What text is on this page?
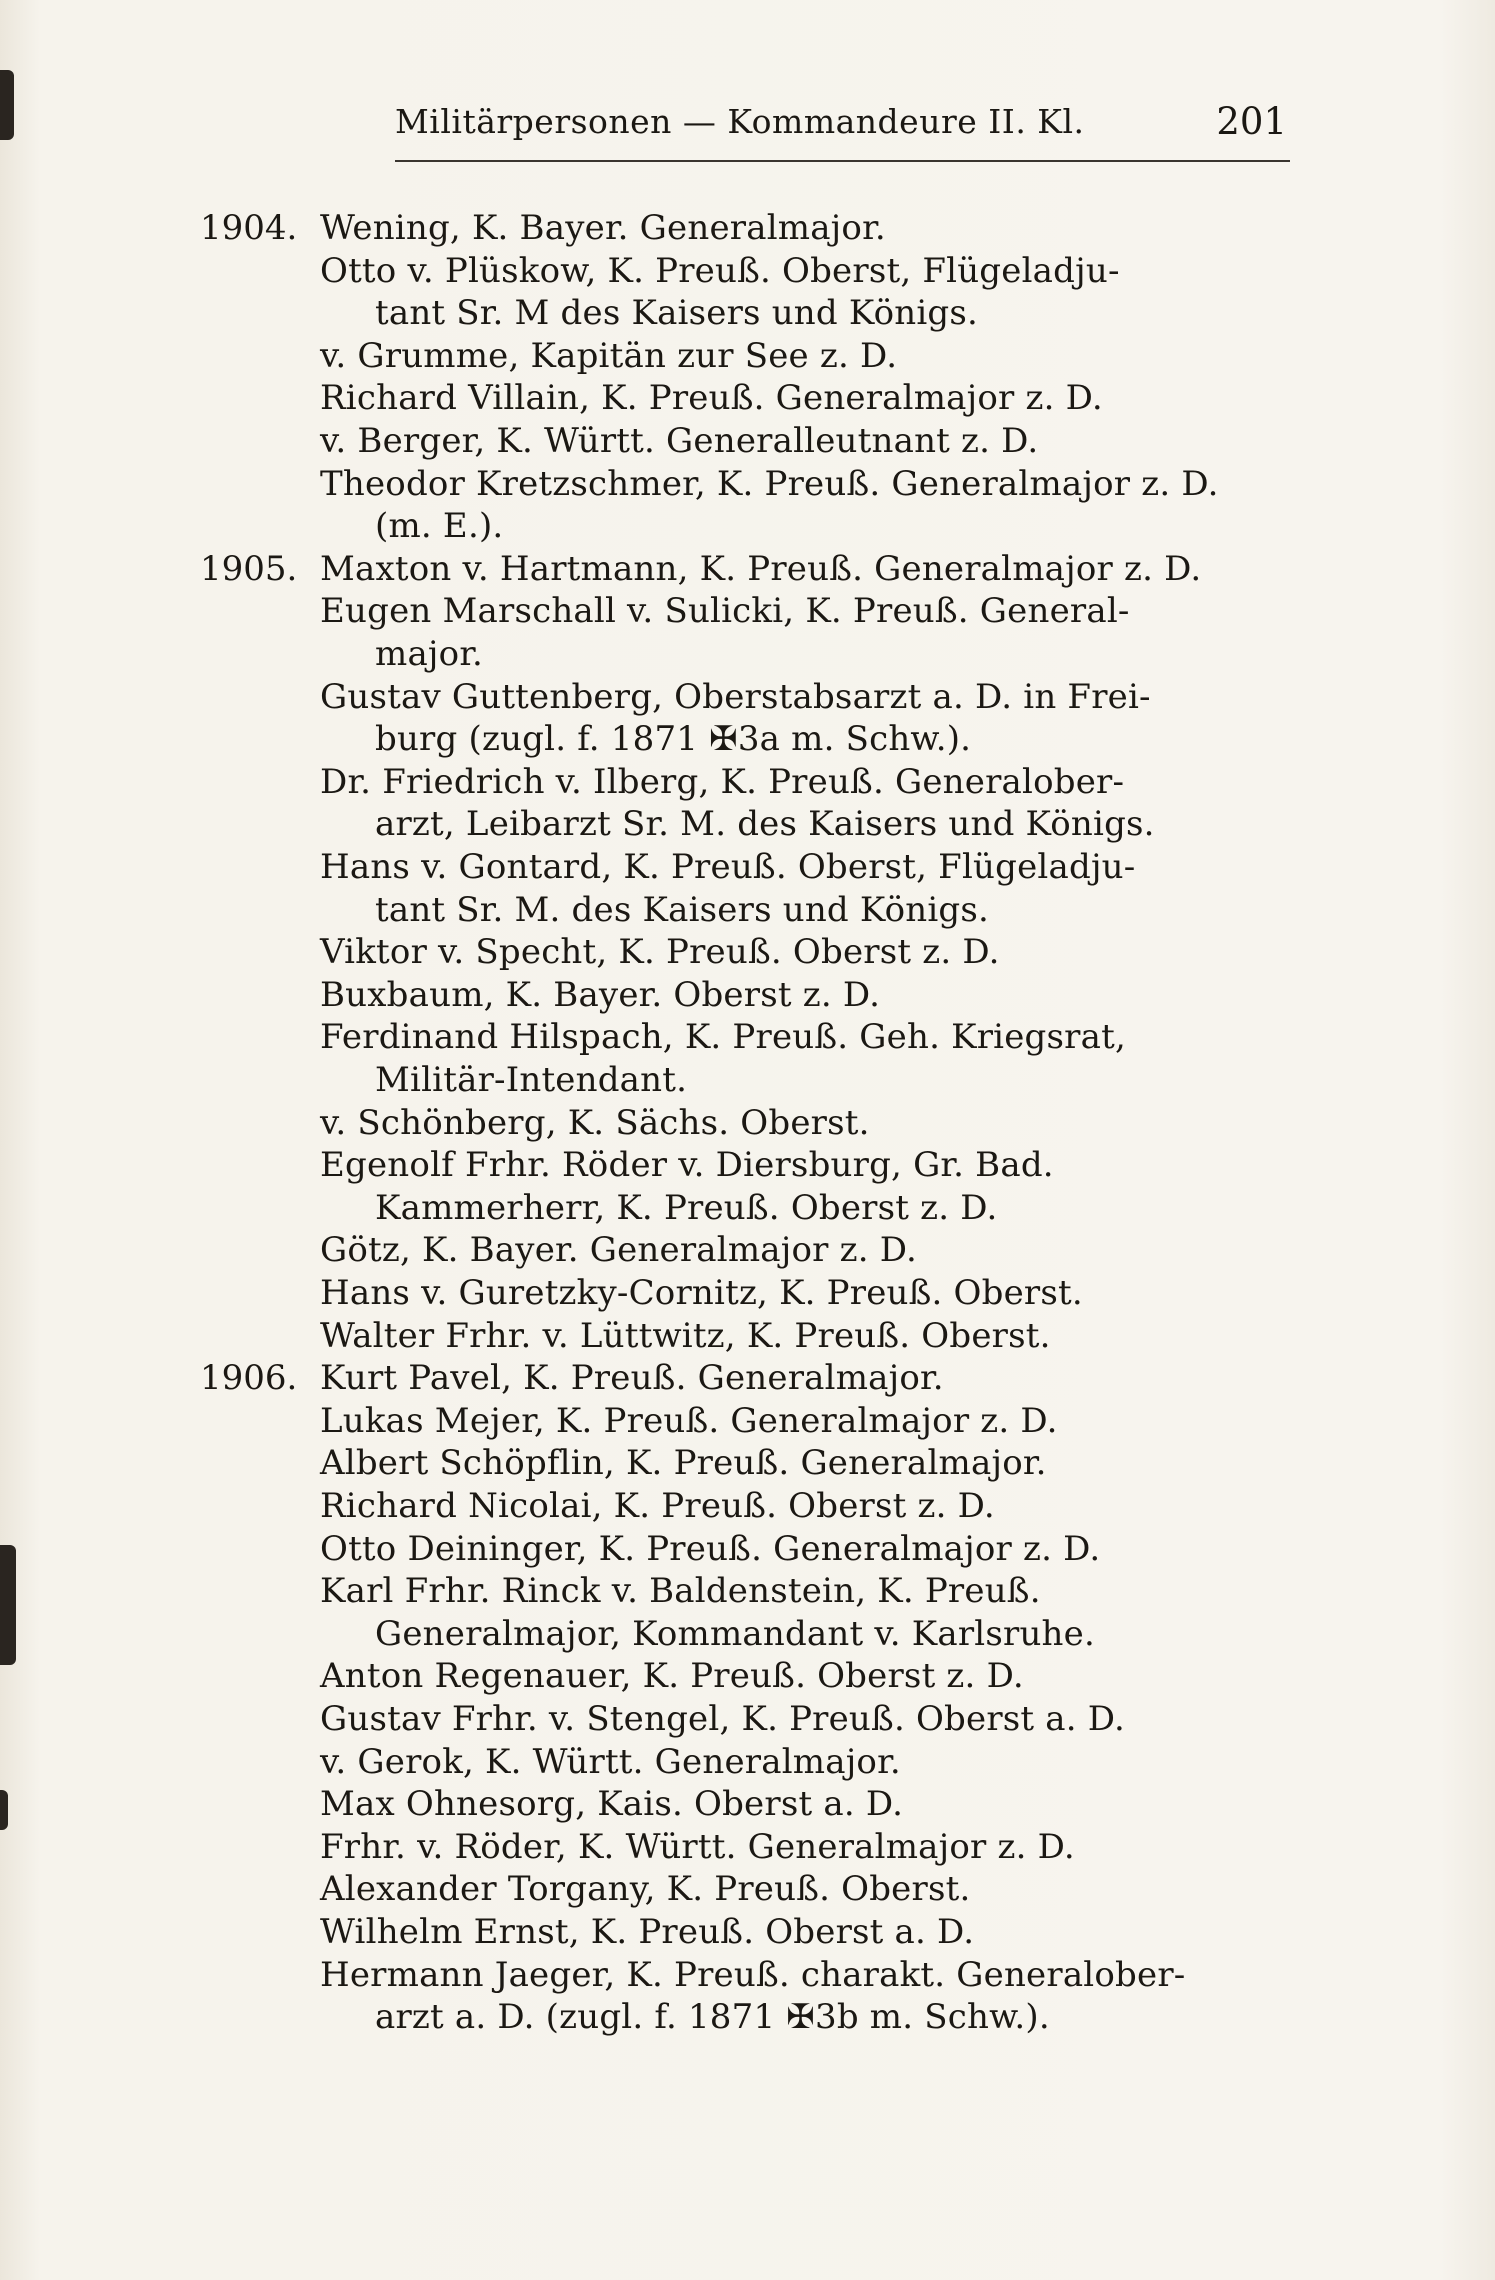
Militärpersonen — Kommandeure II. Kl.	201
1904. Wening, K. Bayer. Generalmajor.
Otto v. Plüskow, K. Preuß. Oberst, Flügeladju-
tant Sr. M des Kaisers und Königs.
v. Grumme, Kapitän zur See z. D.
Richard Villain, K. Preuß. Generalmajor z. D.
v. Berger, K. Württ. Generalleutnant z. D.
Theodor Kretzschmer, K. Preuß. Generalmajor z. D.
(m. E.).
1905. Maxton v. Hartmann, K. Preuß. Generalmajor z. D.
Eugen Marschall v. Sulicki, K. Preuß. General-
major.
Gustav Guttenberg, Oberstabsarzt a. D. in Frei-
burg (zugl. f. 1871 ✠3a m. Schw.).
Dr. Friedrich v. Ilberg, K. Preuß. Generalober-
arzt, Leibarzt Sr. M. des Kaisers und Königs.
Hans v. Gontard, K. Preuß. Oberst, Flügeladju-
tant Sr. M. des Kaisers und Königs.
Viktor v. Specht, K. Preuß. Oberst z. D.
Buxbaum, K. Bayer. Oberst z. D.
Ferdinand Hilspach, K. Preuß. Geh. Kriegsrat,
Militär-Intendant.
v. Schönberg, K. Sächs. Oberst.
Egenolf Frhr. Röder v. Diersburg, Gr. Bad.
Kammerherr, K. Preuß. Oberst z. D.
Götz, K. Bayer. Generalmajor z. D.
Hans v. Guretzky-Cornitz, K. Preuß. Oberst.
Walter Frhr. v. Lüttwitz, K. Preuß. Oberst.
1906. Kurt Pavel, K. Preuß. Generalmajor.
Lukas Mejer, K. Preuß. Generalmajor z. D.
Albert Schöpflin, K. Preuß. Generalmajor.
Richard Nicolai, K. Preuß. Oberst z. D.
Otto Deininger, K. Preuß. Generalmajor z. D.
Karl Frhr. Rinck v. Baldenstein, K. Preuß.
Generalmajor, Kommandant v. Karlsruhe.
Anton Regenauer, K. Preuß. Oberst z. D.
Gustav Frhr. v. Stengel, K. Preuß. Oberst a. D.
v. Gerok, K. Württ. Generalmajor.
Max Ohnesorg, Kais. Oberst a. D.
Frhr. v. Röder, K. Württ. Generalmajor z. D.
Alexander Torgany, K. Preuß. Oberst.
Wilhelm Ernst, K. Preuß. Oberst a. D.
Hermann Jaeger, K. Preuß. charakt. Generalober-
arzt a. D. (zugl. f. 1871 ✠3b m. Schw.).
